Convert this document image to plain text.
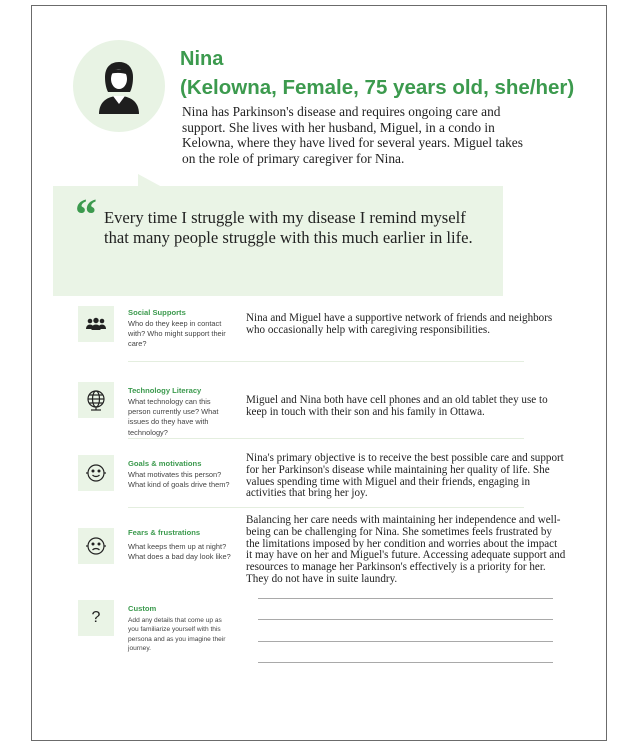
Nina
(Kelowna, Female, 75 years old, she/her)

Nina has Parkinson's disease and requires ongoing care and support. She lives with her husband, Miguel, in a condo in Kelowna, where they have lived for several years. Miguel takes on the role of primary caregiver for Nina.

“ Every time I struggle with my disease I remind myself that many people struggle with this much earlier in life.

Social Supports

Who do they keep in contact with? Who might support their care?

Nina and Miguel have a supportive network of friends and neighbors who occasionally help with caregiving responsibilities.

Technology Literacy

What technology can this person currently use? What issues do they have with technology?

Miguel and Nina both have cell phones and an old tablet they use to keep in touch with their son and his family in Ottawa.

Goals & motivations

What motivates this person? What kind of goals drive them?

Nina's primary objective is to receive the best possible care and support for her Parkinson's disease while maintaining her quality of life. She values spending time with Miguel and their friends, engaging in activities that bring her joy.

Fears & frustrations

What keeps them up at night? What does a bad day look like?

Balancing her care needs with maintaining her independence and well-being can be challenging for Nina. She sometimes feels frustrated by the limitations imposed by her condition and worries about the impact it may have on her and Miguel's future. Accessing adequate support and resources to manage her Parkinson's effectively is a priority for her. They do not have in suite laundry.

?

Custom

Add any details that come up as you familiarize yourself with this persona and as you imagine their journey.
